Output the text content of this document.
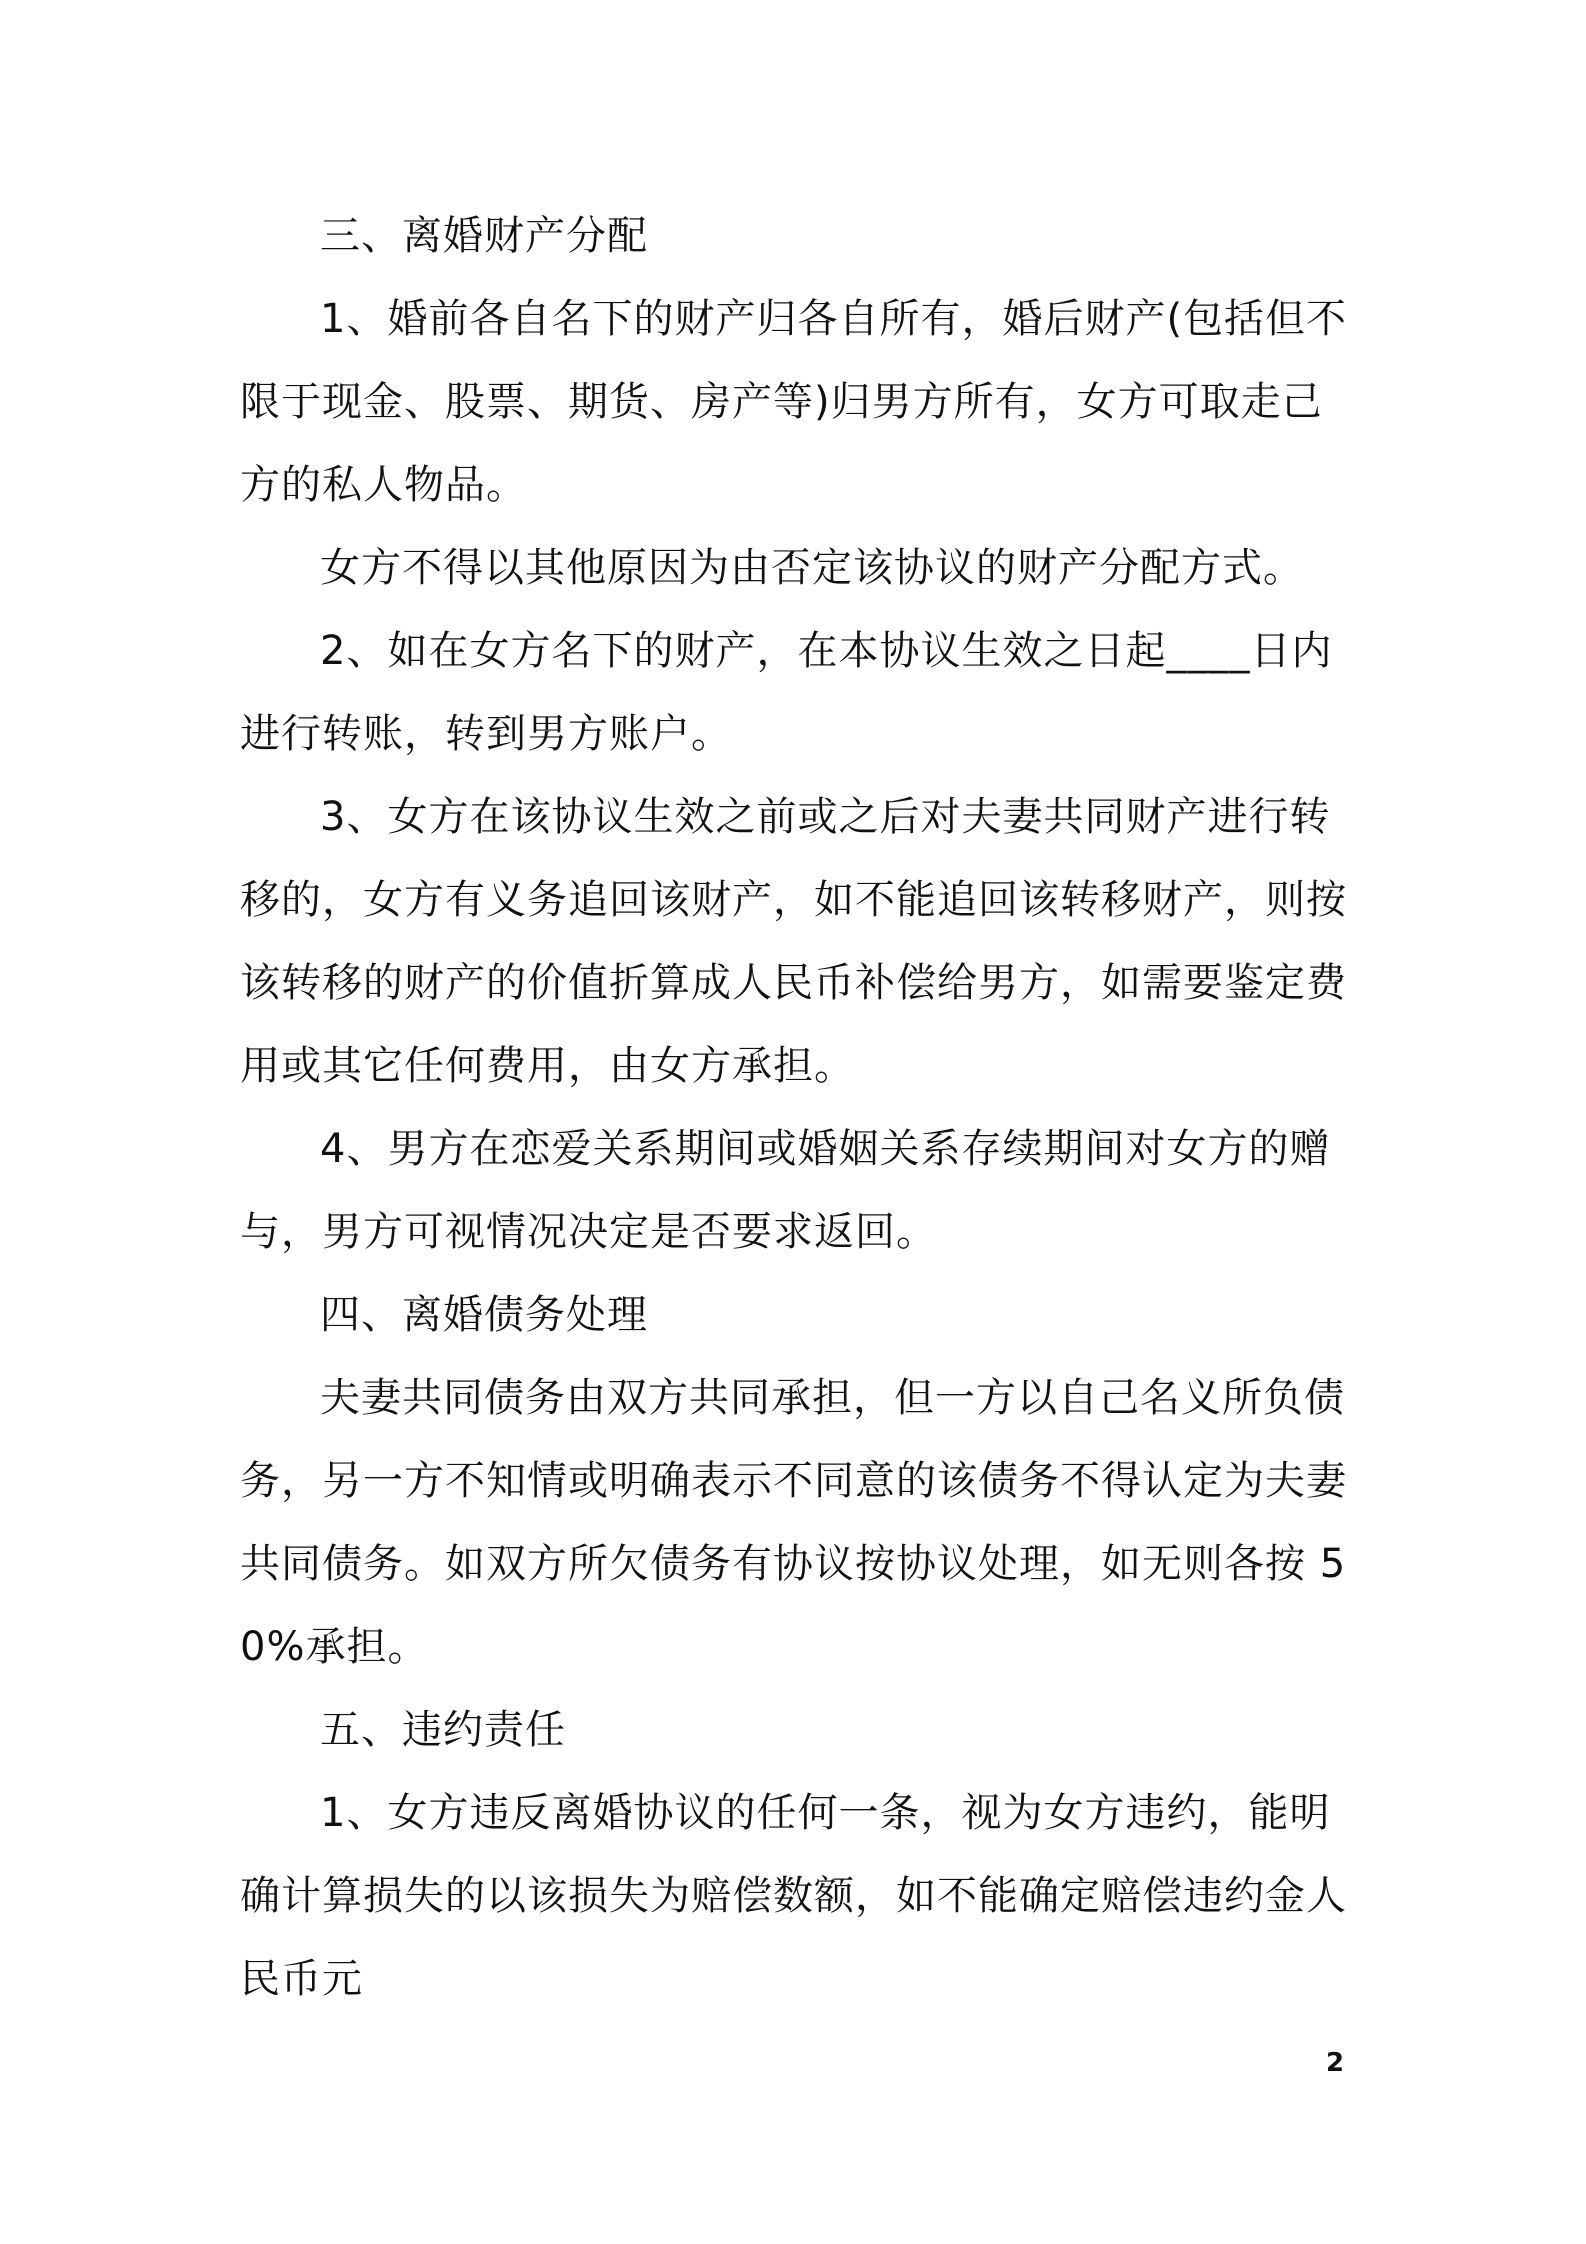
三、离婚财产分配

1、婚前各自名下的财产归各自所有，婚后财产(包括但不限于现金、股票、期货、房产等)归男方所有，女方可取走己方的私人物品。

女方不得以其他原因为由否定该协议的财产分配方式。

2、如在女方名下的财产，在本协议生效之日起____日内进行转账，转到男方账户。

3、女方在该协议生效之前或之后对夫妻共同财产进行转移的，女方有义务追回该财产，如不能追回该转移财产，则按该转移的财产的价值折算成人民币补偿给男方，如需要鉴定费用或其它任何费用，由女方承担。

4、男方在恋爱关系期间或婚姻关系存续期间对女方的赠与，男方可视情况决定是否要求返回。

四、离婚债务处理

夫妻共同债务由双方共同承担，但一方以自己名义所负债务，另一方不知情或明确表示不同意的该债务不得认定为夫妻共同债务。如双方所欠债务有协议按协议处理，如无则各按 50%承担。

五、违约责任

1、女方违反离婚协议的任何一条，视为女方违约，能明确计算损失的以该损失为赔偿数额，如不能确定赔偿违约金人民币元

2
